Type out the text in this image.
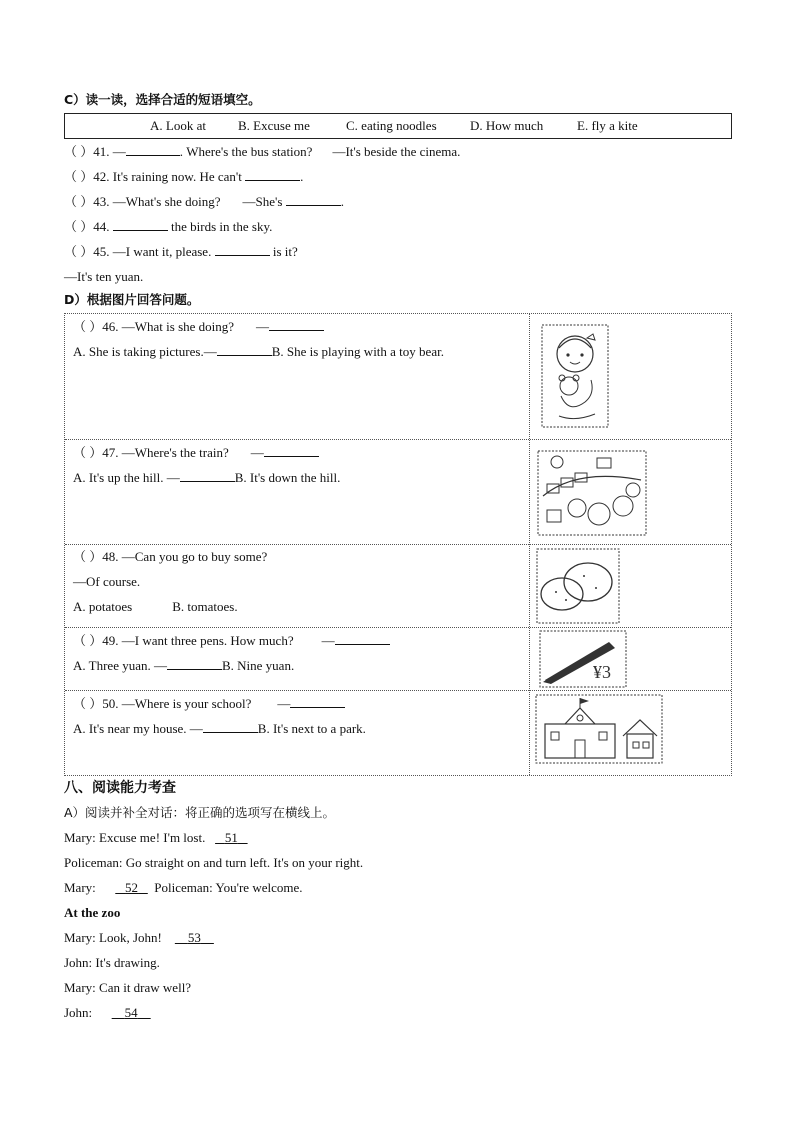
C）读一读，选择合适的短语填空。
A. Look at B. Excuse me	C. eating noodles	D. How much	E. fly a kite
（ ）41. —	. Where's the bus station? —It's beside the cinema.
（ ）42. It's raining now. He can't	.
（ ）43. —What's she doing? —She's	.
（ ）44.	the birds in the sky.
（ ）45. —I want it, please.	is it?
—It's ten yuan.
D）根据图片回答问题。
（ ）46. —What is she doing? —
A. She is taking pictures.—	B. She is playing with a toy bear.
（ ）47. —Where's the train? —
A. It's up the hill. —	B. It's down the hill.
（ ）48. —Can you go to buy some?
—Of course.
A. potatoes	B. tomatoes.
（ ）49. —I want three pens. How much? —
A. Three yuan. —	B. Nine yuan.
（ ）50. —Where is your school? —
A. It's near my house. —	B. It's next to a park.
¥3
八、阅读能力考查
A）阅读并补全对话：将正确的选项写在横线上。
Mary: Excuse me! I'm lost. 51
Policeman: Go straight on and turn left. It's on your right.
Mary: 52 Policeman: You're welcome.
At the zoo
Mary: Look, John! 53
John: It's drawing.
Mary: Can it draw well?
John:	54
